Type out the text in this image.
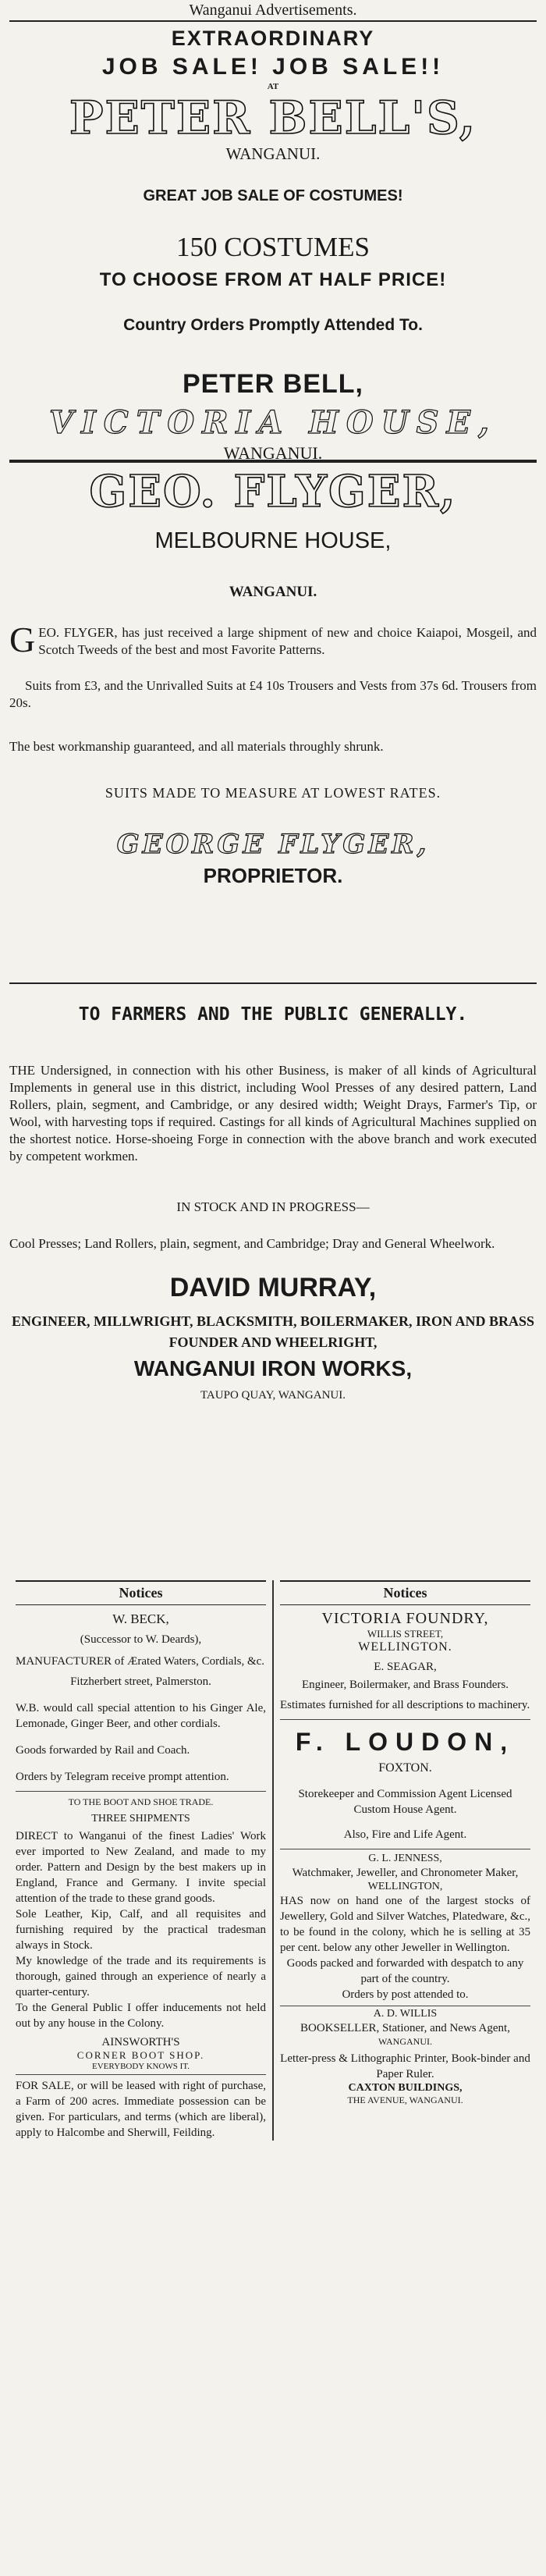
Wanganui Advertisements.
EXTRAORDINARY
JOB SALE! JOB SALE!!
AT
PETER BELL'S,
WANGANUI.
GREAT JOB SALE OF COSTUMES!
150 COSTUMES
TO CHOOSE FROM AT HALF PRICE!
Country Orders Promptly Attended To.
PETER BELL,
VICTORIA HOUSE,
WANGANUI.
GEO. FLYGER,
MELBOURNE HOUSE,
WANGANUI.

GEO. FLYGER, has just received a large shipment of new and choice Kaiapoi, Mosgeil, and Scotch Tweeds of the best and most Favorite Patterns.

Suits from £3, and the Unrivalled Suits at £4 10s Trousers and Vests from 37s 6d. Trousers from 20s.

The best workmanship guaranteed, and all materials throughly shrunk.

SUITS MADE TO MEASURE AT LOWEST RATES.

GEORGE FLYGER,
PROPRIETOR.
TO FARMERS AND THE PUBLIC GENERALLY.

THE Undersigned, in connection with his other Business, is maker of all kinds of Agricultural Implements in general use in this district, including Wool Presses of any desired pattern, Land Rollers, plain, segment, and Cambridge, or any desired width; Weight Drays, Farmer's Tip, or Wool, with harvesting tops if required. Castings for all kinds of Agricultural Machines supplied on the shortest notice. Horse-shoeing Forge in connection with the above branch and work executed by competent workmen.

IN STOCK AND IN PROGRESS—

Cool Presses; Land Rollers, plain, segment, and Cambridge; Dray and General Wheelwork.

DAVID MURRAY,

ENGINEER, MILLWRIGHT, BLACKSMITH, BOILERMAKER, IRON AND BRASS FOUNDER AND WHEELRIGHT,

WANGANUI IRON WORKS,
TAUPO QUAY, WANGANUI.
Notices
W. BECK,
(Successor to W. Deards),

MANUFACTURER of Ærated Waters, Cordials, &c.

Fitzherbert street, Palmerston.

W.B. would call special attention to his Ginger Ale, Lemonade, Ginger Beer, and other cordials.

Goods forwarded by Rail and Coach.

Orders by Telegram receive prompt attention.

TO THE BOOT AND SHOE TRADE.

THREE SHIPMENTS

DIRECT to Wanganui of the finest Ladies' Work ever imported to New Zealand, and made to my order. Pattern and Design by the best makers up in England, France and Germany. I invite special attention of the trade to these grand goods.

Sole Leather, Kip, Calf, and all requisites and furnishing required by the practical tradesman always in Stock.

My knowledge of the trade and its requirements is thorough, gained through an experience of nearly a quarter-century.

To the General Public I offer inducements not held out by any house in the Colony.

AINSWORTH'S
CORNER BOOT SHOP.
EVERYBODY KNOWS IT.

FOR SALE, or will be leased with right of purchase, a Farm of 200 acres. Immediate possession can be given. For particulars, and terms (which are liberal), apply to Halcombe and Sherwill, Feilding.

Notices
VICTORIA FOUNDRY,
WILLIS STREET,
WELLINGTON.
E. SEAGAR,

Engineer, Boilermaker, and Brass Founders.

Estimates furnished for all descriptions to machinery.

F. LOUDON,
FOXTON.

Storekeeper and Commission Agent Licensed Custom House Agent.

Also, Fire and Life Agent.

G. L. JENNESS,

Watchmaker, Jeweller, and Chronometer Maker,

WELLINGTON,

HAS now on hand one of the largest stocks of Jewellery, Gold and Silver Watches, Platedware, &c., to be found in the colony, which he is selling at 35 per cent. below any other Jeweller in Wellington.

Goods packed and forwarded with despatch to any part of the country.

Orders by post attended to.

A. D. WILLIS

BOOKSELLER, Stationer, and News Agent,

WANGANUI.

Letter-press & Lithographic Printer, Book-binder and Paper Ruler.

CAXTON BUILDINGS,
THE AVENUE, WANGANUI.
